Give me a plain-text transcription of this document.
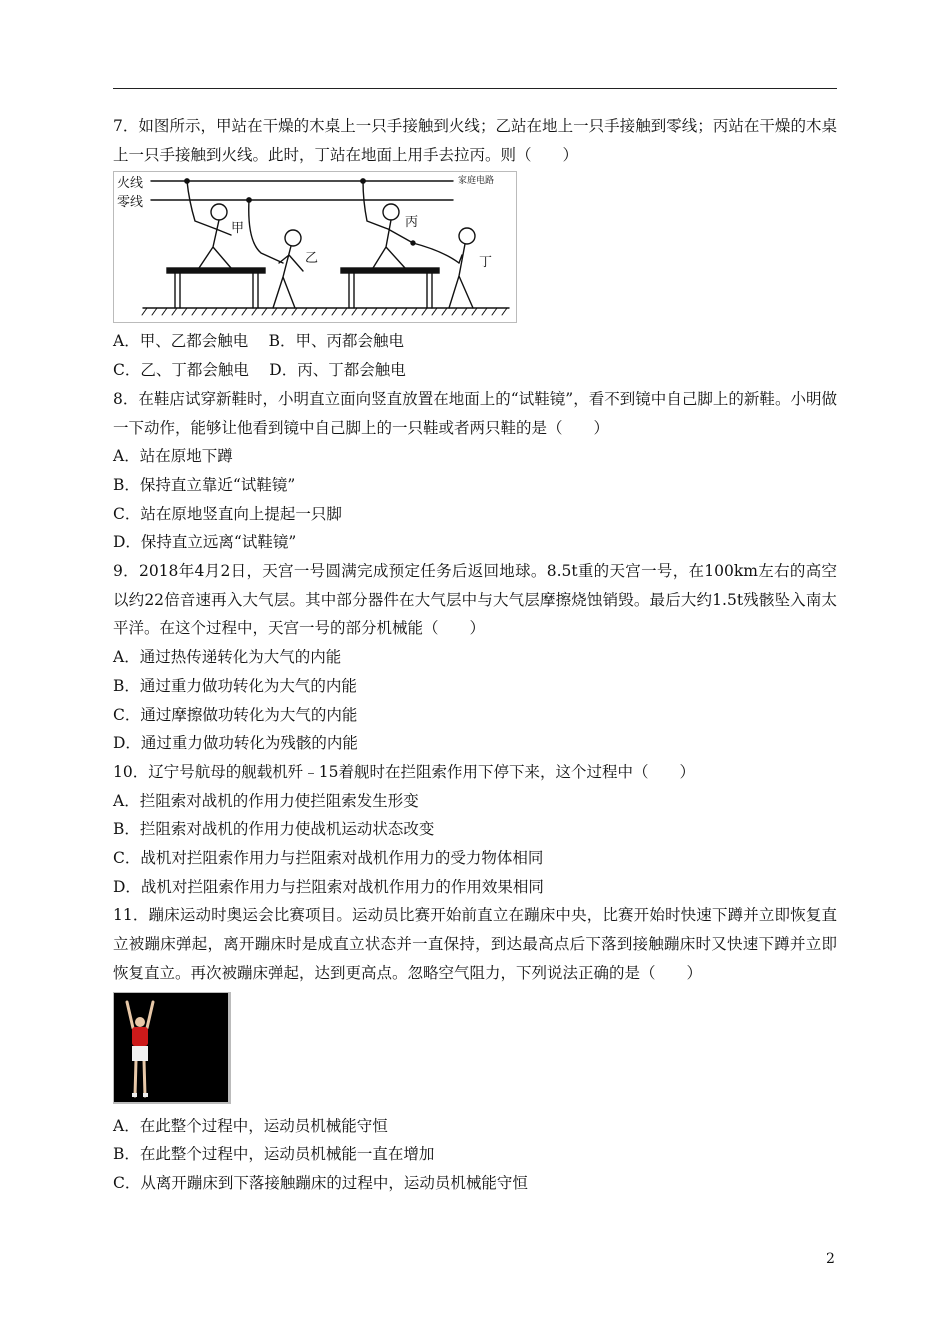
7．如图所示，甲站在干燥的木桌上一只手接触到火线；乙站在地上一只手接触到零线；丙站在干燥的木桌上一只手接触到火线。此时，丁站在地面上用手去拉丙。则（　　）

火线
零线
家庭电路
甲
乙
丙
丁

A．甲、乙都会触电　 B．甲、丙都会触电

C．乙、丁都会触电　 D．丙、丁都会触电

8．在鞋店试穿新鞋时，小明直立面向竖直放置在地面上的“试鞋镜”，看不到镜中自己脚上的新鞋。小明做一下动作，能够让他看到镜中自己脚上的一只鞋或者两只鞋的是（　　）

A．站在原地下蹲

B．保持直立靠近“试鞋镜”

C．站在原地竖直向上提起一只脚

D．保持直立远离“试鞋镜”

9．2018年4月2日，天宫一号圆满完成预定任务后返回地球。8.5t重的天宫一号，在100km左右的高空以约22倍音速再入大气层。其中部分器件在大气层中与大气层摩擦烧蚀销毁。最后大约1.5t残骸坠入南太平洋。在这个过程中，天宫一号的部分机械能（　　）

A．通过热传递转化为大气的内能

B．通过重力做功转化为大气的内能

C．通过摩擦做功转化为大气的内能

D．通过重力做功转化为残骸的内能

10．辽宁号航母的舰载机歼﹣15着舰时在拦阻索作用下停下来，这个过程中（　　）

A．拦阻索对战机的作用力使拦阻索发生形变

B．拦阻索对战机的作用力使战机运动状态改变

C．战机对拦阻索作用力与拦阻索对战机作用力的受力物体相同

D．战机对拦阻索作用力与拦阻索对战机作用力的作用效果相同

11．蹦床运动时奥运会比赛项目。运动员比赛开始前直立在蹦床中央，比赛开始时快速下蹲并立即恢复直立被蹦床弹起，离开蹦床时是成直立状态并一直保持，到达最高点后下落到接触蹦床时又快速下蹲并立即恢复直立。再次被蹦床弹起，达到更高点。忽略空气阻力，下列说法正确的是（　　）

A．在此整个过程中，运动员机械能守恒

B．在此整个过程中，运动员机械能一直在增加

C．从离开蹦床到下落接触蹦床的过程中，运动员机械能守恒

2
